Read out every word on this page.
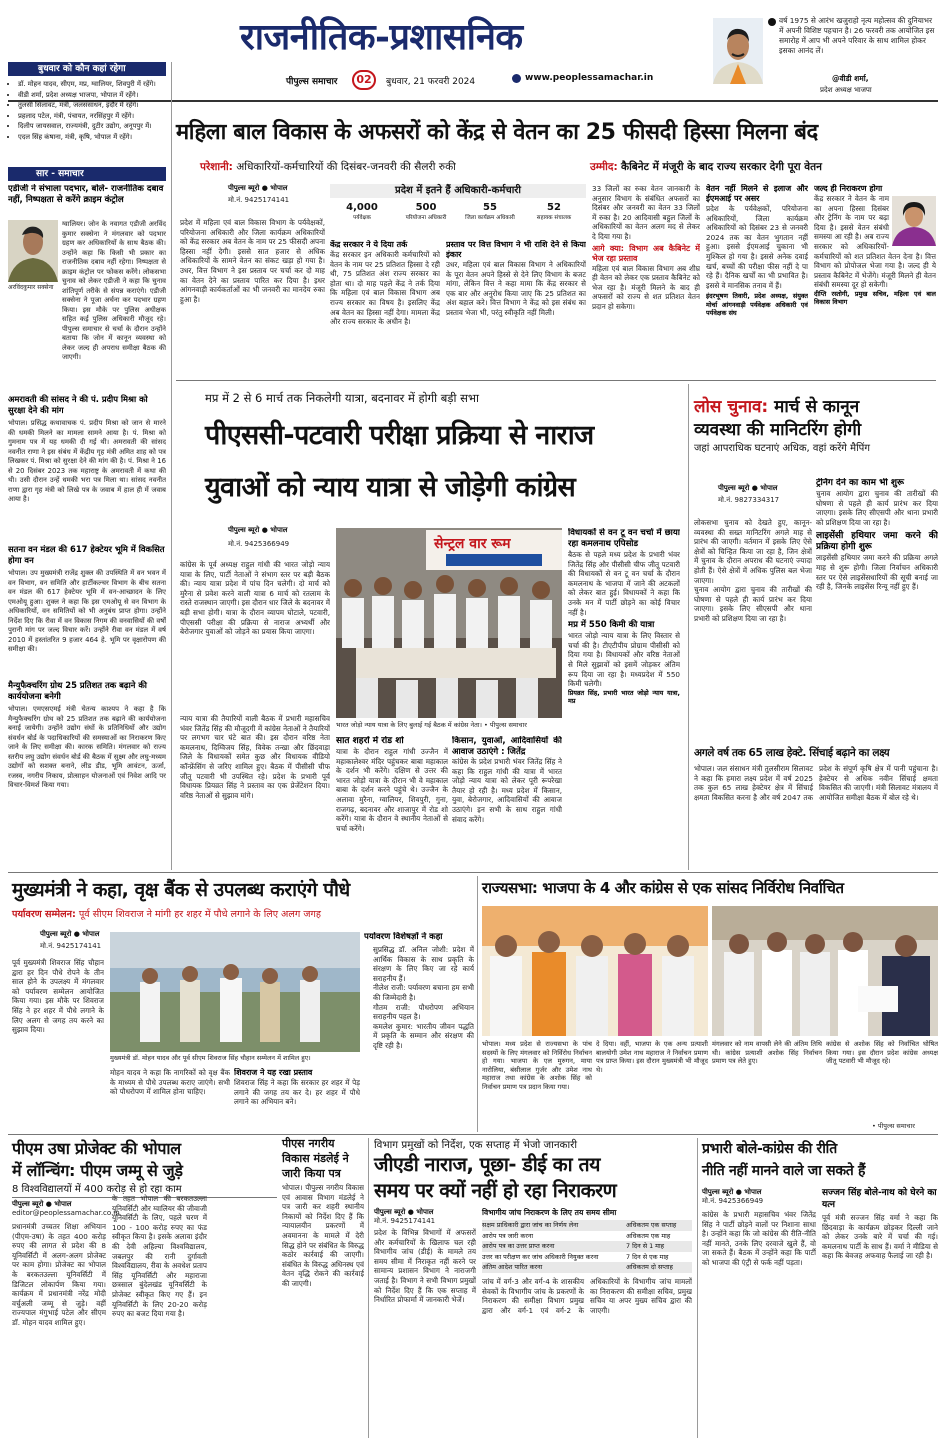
राजनीतिक-प्रशासनिक
पीपुल्स समाचार	02	बुधवार, 21 फरवरी 2024	www.peoplessamachar.in
वर्ष 1975 से आरंभ खजुराहो नृत्य महोत्सव की दुनियाभर में अपनी विशिष्ट पहचान है। 26 फरवरी तक आयोजित इस समारोह में आप भी अपने परिवार के साथ शामिल होकर इसका आनंद लें।
@वीडी शर्मा,
प्रदेश अध्यक्ष भाजपा
बुधवार को कौन कहां रहेगा
• डॉ. मोहन यादव, सीएम, मप्र, ग्वालियर, शिवपुरी में रहेंगे।
• वीडी शर्मा, प्रदेश अध्यक्ष भाजपा, भोपाल में रहेंगे।
• तुलसी सिलावट, मंत्री, जलसंसाधन, इंदौर में रहेंगे।
• प्रहलाद पटेल, मंत्री, पंचायत, नरसिंहपुर में रहेंगे।
• दिलीप जायसवाल, राज्यमंत्री, दुटीर उद्योग, अनूपपुर में।
• एदल सिंह कंषाना, मंत्री, कृषि, भोपाल में रहेंगे।
सार - समाचार
एडीजी ने संभाला पदभार, बोले- राजनीतिक दबाव नहीं, निष्पक्षता से करेंगे क्राइम कंट्रोल
अरविंदकुमार सक्सेना
ग्वालियर। जोन के नवागत एडीजी अरविंद कुमार सक्सेना ने मंगलवार को पदभार ग्रहण कर अधिकारियों के साथ बैठक की। उन्होंने कहा कि किसी भी प्रकार का राजनीतिक दबाव नहीं रहेगा। निष्पक्षता से क्राइम कंट्रोल पर फोकस करेंगे। लोकसभा चुनाव को लेकर एडीजी ने कहा कि चुनाव शांतिपूर्ण तरीके से संपन्न कराएंगे। एडीजी सक्सेना ने पूजा अर्चना कर पदभार ग्रहण किया। इस मौके पर पुलिस अधीक्षक सहित कई पुलिस अधिकारी मौजूद रहे। पीपुल्स समाचार से चर्चा के दौरान उन्होंने बताया कि जोन में कानून व्यवस्था को लेकर जल्द ही अपराध समीक्षा बैठक की जाएगी।
अमरावती की सांसद ने की पं. प्रदीप मिश्रा को सुरक्षा देने की मांग
भोपाल। प्रसिद्ध कथावाचक पं. प्रदीप मिश्रा को जान से मारने की धमकी मिलने का मामला सामने आया है। पं. मिश्रा को गुमनाम पत्र में यह धमकी दी गई थी। अमरावती की सांसद नवनीत राणा ने इस संबंध में केंद्रीय गृह मंत्री अमित शाह को पत्र लिखकर पं. मिश्रा को सुरक्षा देने की मांग की है। पं. मिश्रा ने 16 से 20 दिसंबर 2023 तक महाराष्ट्र के अमरावती में कथा की थी। उसी दौरान उन्हें धमकी भरा पत्र मिला था। सांसद नवनीत राणा द्वारा गृह मंत्री को लिखे पत्र के जवाब में हाल ही में जवाब आया है।
सतना वन मंडल की 617 हेक्टेयर भूमि में विकसित होगा वन
भोपाल। उप मुख्यमंत्री राजेंद्र शुक्ल की उपस्थिति में वन भवन में वन विभाग, वन समिति और हार्टीकल्चर विभाग के बीच सतना वन मंडल की 617 हेक्टेयर भूमि में वन-आच्छादन के लिए एमओयू हुआ। शुक्ल ने कहा कि इस एमओयू से वन विभाग के अधिकारियों, वन समितियों को भी अनुबंध प्राप्त होगा। उन्होंने निर्देश दिए कि रीवा में वन विकास निगम की वनवासियों की वर्षों पुरानी मांग पर जल्द विचार करें। उन्होंने रीवा वन मंडल में वर्ष 2010 में हस्तांतरित 9 हजार 464 हे. भूमि पर वृक्षारोपण की समीक्षा की।
मैन्युफैक्चरिंग ग्रोथ 25 प्रतिशत तक बढ़ाने की कार्ययोजना बनेगी
भोपाल। एमएसएमई मंत्री चेतन्य काश्यप ने कहा है कि मैन्युफैक्चरिंग ग्रोथ को 25 प्रतिशत तक बढ़ाने की कार्ययोजना बनाई जायेगी। उन्होंने उद्योग संघों के प्रतिनिधियों और उद्योग संवर्धन बोर्ड के पदाधिकारियों की समस्याओं का निराकरण किए जाने के लिए समीक्षा की। कारक समिति। मंगलवार को राज्य स्तरीय लघु उद्योग संवर्धन बोर्ड की बैठक में सुक्ष्म और लघु-मध्यम उद्योगों को सशक्त बनाने, लीड डीड, भूमि आवंटन, ऊर्जा, रजस्व, नगरीय निकाय, प्रोत्साहन योजनाओं एवं निवेश आदि पर विचार-विमर्श किया गया।
महिला बाल विकास के अफसरों को केंद्र से वेतन का 25 फीसदी हिस्सा मिलना बंद
परेशानी: अधिकारियों-कर्मचारियों की दिसंबर-जनवरी की सैलरी रुकी	उम्मीद: कैबिनेट में मंजूरी के बाद राज्य सरकार देगी पूरा वेतन
पीपुल्स ब्यूरो ● भोपाल
मो.नं. 9425174141
प्रदेश में महिला एवं बाल विकास विभाग के पर्यवेक्षकों, परियोजना अधिकारी और जिला कार्यक्रम अधिकारियों को केंद्र सरकार अब वेतन के नाम पर 25 फीसदी अपना हिस्सा नहीं देगी। इससे सात हजार से अधिक अधिकारियों के सामने वेतन का संकट खड़ा हो गया है। उधर, वित्त विभाग ने इस प्रस्ताव पर चर्चा कर दो माह का वेतन देने का प्रस्ताव पारित कर दिया है। इधर आंगनवाड़ी कार्यकर्ताओं का भी जनवरी का मानदेय रुका हुआ है।
प्रदेश में इतने हैं अधिकारी-कर्मचारी
4,000
पर्यवेक्षक
500
परियोजना अधिकारी
55
जिला कार्यक्रम अधिकारी
52
सहायक संचालक
केंद्र सरकार ने ये दिया तर्क
केंद्र सरकार इन अधिकारी कर्मचारियों को वेतन के नाम पर 25 प्रतिशत हिस्सा दे रही थी, 75 प्रतिशत अंश राज्य सरकार का होता था। दो माह पहले केंद्र ने तर्क दिया कि महिला एवं बाल विकास विभाग अब राज्य सरकार का विषय है। इसलिए केंद्र अब वेतन का हिस्सा नहीं देगा। मामला केंद्र और राज्य सरकार के अधीन है।
प्रस्ताव पर वित्त विभाग ने भी राशि देने से किया इंकार
उधर, महिला एवं बाल विकास विभाग ने अधिकारियों के पूरा वेतन अपने हिस्से से देने लिए विभाग के बजट मांगा, लेकिन वित्त ने कहा मामा कि केंद्र सरकार से एक बार और अनुरोध किया जाए कि 25 प्रतिशत का अंश बहाल करे। वित्त विभाग ने केंद्र को इस संबंध का प्रस्ताव भेजा भी, परंतु स्वीकृति नहीं मिली।
33 जिलों का रुका वेतन जानकारी के अनुसार विभाग के संबंधित अफसरों का दिसंबर और जनवरी का वेतन 33 जिलों में रुका है। 20 आदिवासी बहुल जिलों के अधिकारियों का वेतन अलग मद से लेकर दे दिया गया है।
आगे क्या: विभाग अब कैबिनेट में भेज रहा प्रस्ताव
महिला एवं बाल विकास विभाग अब शीघ्र ही वेतन को लेकर एक प्रस्ताव कैबिनेट को भेज रहा है। मंजूरी मिलने के बाद ही अफसरों को राज्य से शत प्रतिशत वेतन प्रदान हो सकेगा।
वेतन नहीं मिलने से इलाज और ईएमआई पर असर
प्रदेश के पर्यवेक्षकों, परियोजना अधिकारियों, जिला कार्यक्रम अधिकारियों को दिसंबर 23 से जनवरी 2024 तक का वेतन भुगतान नहीं हुआ। इससे ईएमआई चुकाना भी मुश्किल हो गया है। इससे अनेक दवाई खर्च, बच्चों की परीक्षा फीस नहीं दे पा रहे हैं। दैनिक खर्चों का भी प्रभावित है। इससे वे मानसिक तनाव में हैं।
इंदरभूषण तिवारी, प्रदेश अध्यक्ष, संयुक्त मोर्चा आंगनवाड़ी पर्यवेक्षक अधिकारी एवं पर्यवेक्षक संघ
जल्द ही निराकरण होगा
केंद्र सरकार ने वेतन के नाम का अपना हिस्सा दिसंबर और ट्रेनिंग के नाम पर बढ़ा दिया है। इससे वेतन संबंधी समस्या आ रही है। अब राज्य सरकार को अधिकारियों-कर्मचारियों को शत प्रतिशत वेतन देना है। वित्त विभाग को प्रोपोजल भेजा गया है। जल्द ही ये प्रस्ताव कैबिनेट में भेजेंगे। मंजूरी मिलने ही वेतन संबंधी समस्या दूर हो सकेगी।
दीप्ति रस्तोगी, प्रमुख सचिव, महिला एवं बाल विकास विभाग
मप्र में 2 से 6 मार्च तक निकलेगी यात्रा, बदनावर में होगी बड़ी सभा
पीएससी-पटवारी परीक्षा प्रक्रिया से नाराज
युवाओं को न्याय यात्रा से जोड़ेगी कांग्रेस
पीपुल्स ब्यूरो ● भोपाल
मो.नं. 9425366949
कांग्रेस के पूर्व अध्यक्ष राहुल गांधी की भारत जोड़ो न्याय यात्रा के लिए, पार्टी नेताओं ने संभाग स्तर पर बड़ी बैठक की। न्याय यात्रा प्रदेश में पांच दिन चलेगी। दो मार्च को मुरैना से प्रवेश करने वाली यात्रा 6 मार्च को रतलाम के रास्ते राजस्थान जाएगी। इस दौरान धार जिले के बदनावर में बड़ी सभा होगी। यात्रा के दौरान व्यापम घोटाले, पटवारी, पीएससी परीक्षा की प्रक्रिया से नाराज अभ्यर्थी और बेरोजगार युवाओं को जोड़ने का प्रयास किया जाएगा।
न्याय यात्रा की तैयारियों वाली बैठक में प्रभारी महासचिव भंवर जितेंद्र सिंह की मौजूदगी में कांग्रेस नेताओं ने तैयारियों पर लगभग चार घंटे बात की। इस दौरान वरिष्ठ नेता कमलनाथ, दिग्विजय सिंह, विवेक तन्खा और छिंदवाड़ा जिले के विधायकों समेत कुछ और विधायक वीडियो कॉन्फ्रेंसिंग से जरिए शामिल हुए। बैठक में पीसीसी चीफ जीतू पटवारी भी उपस्थित रहे। प्रदेश के प्रभारी पूर्व विधायक प्रियव्रत सिंह ने प्रस्ताव का एक प्रेजेंटेशन दिया। वरिष्ठ नेताओं से सुझाव मांगे।
सेन्ट्रल वार रूम
भारत जोड़ो न्याय यात्रा के लिए बुलाई गई बैठक में कांग्रेस नेता। • पीपुल्स समाचार
सात शहरों में रोड शो
यात्रा के दौरान राहुल गांधी उज्जैन में महाकालेश्वर मंदिर पहुंचकर बाबा महाकाल के दर्शन भी करेंगे। दक्षिण से उत्तर की भारत जोड़ो यात्रा के दौरान भी वे महाकाल बाबा के दर्शन करने पहुंचे थे। उज्जैन के अलावा मुरैना, ग्वालियर, शिवपुरी, गुना, राजगढ़, बदनावर और शाजापुर में रोड शो करेंगे। यात्रा के दौरान वे स्थानीय नेताओं से चर्चा करेंगे।
किसान, युवाओं, आदिवासियों की आवाज उठाएंगे : जितेंद्र
कांग्रेस के प्रदेश प्रभारी भंवर जितेंद्र सिंह ने कहा कि राहुल गांधी की यात्रा में भारत जोड़ो न्याय यात्रा को लेकर पूरी रूपरेखा तैयार हो रही है। मध्य प्रदेश में किसान, युवा, बेरोजगार, आदिवासियों की आवाज उठाएंगे। इन सभी के साथ राहुल गांधी संवाद करेंगे।
विधायकों से वन टू वन चर्चा में छाया रहा कमलनाथ एपिसोड
बैठक से पहले मध्य प्रदेश के प्रभारी भंवर जितेंद्र सिंह और पीसीसी चीफ जीतू पटवारी की विधायकों से वन टू वन चर्चा के दौरान कमलनाथ के भाजपा में जाने की अटकलों को लेकर बात हुई। विधायकों ने कहा कि उनके मन में पार्टी छोड़ने का कोई विचार नहीं है।
मप्र में 550 किमी की यात्रा
भारत जोड़ो न्याय यात्रा के लिए विस्तार से चर्चा की है। टीएटीपीय प्रोग्राम पीसीसी को दिया गया है। विधायकों और वरिष्ठ नेताओं से मिले सुझावों को इसमें जोड़कर अंतिम रूप दिया जा रहा है। मध्यप्रदेश में 550 किमी चलेगी।
प्रियव्रत सिंह, प्रभारी भारत जोड़ो न्याय यात्रा, मप्र
लोस चुनाव: मार्च से कानून
व्यवस्था की मानिटरिंग होगी
जहां आपराधिक घटनाएं अधिक, वहां करेंगे मैपिंग
पीपुल्स ब्यूरो ● भोपाल
मो.नं. 9827334317
लोकसभा चुनाव को देखते हुए, कानून-व्यवस्था की सख्त मानिटरिंग अगले माह से प्रारंभ की जाएगी। वर्तमान में इसके लिए ऐसे क्षेत्रों को चिन्हित किया जा रहा है, जिन क्षेत्रों में चुनाव के दौरान अपराध की घटनाएं ज्यादा होती हैं। ऐसे क्षेत्रों में अधिक पुलिस बल भेजा जाएगा।
चुनाव आयोग द्वारा चुनाव की तारीखों की घोषणा से पहले ही कार्य प्रारंभ कर दिया जाएगा। इसके लिए सीएसपी और थाना प्रभारी को प्रशिक्षण दिया जा रहा है।
ट्रेनिंग देने का काम भी शुरू
चुनाव आयोग द्वारा चुनाव की तारीखों की घोषणा से पहले ही कार्य प्रारंभ कर दिया जाएगा। इसके लिए सीएसपी और थाना प्रभारी को प्रशिक्षण दिया जा रहा है।
लाइसेंसी हथियार जमा करने की प्रक्रिया होगी शुरू
लाइसेंसी हथियार जमा करने की प्रक्रिया अगले माह से शुरू होगी। जिला निर्वाचन अधिकारी स्तर पर ऐसे लाइसेंसधारियों की सूची बनाई जा रही है, जिनके लाइसेंस रिन्यू नहीं हुए हैं।
अगले वर्ष तक 65 लाख हेक्टे. सिंचाई बढ़ाने का लक्ष्य
भोपाल। जल संसाधन मंत्री तुलसीराम सिलावट ने कहा कि हमारा लक्ष्य प्रदेश में वर्ष 2025 तक कुल 65 लाख हेक्टेयर क्षेत्र में सिंचाई क्षमता विकसित करना है और वर्ष 2047 तक प्रदेश के संपूर्ण कृषि क्षेत्र में पानी पहुंचाना है। हेक्टेयर से अधिक नवीन सिंचाई क्षमता विकसित की जाएगी। मंत्री सिलावट मंत्रालय में आयोजित समीक्षा बैठक में बोल रहे थे।
मुख्यमंत्री ने कहा, वृक्ष बैंक से उपलब्ध कराएंगे पौधे
पर्यावरण सम्मेलन: पूर्व सीएम शिवराज ने मांगी हर शहर में पौधे लगाने के लिए अलग जगह
पीपुल्स ब्यूरो ● भोपाल
मो.नं. 9425174141
पूर्व मुख्यमंत्री शिवराज सिंह चौहान द्वारा हर दिन पौधे रोपने के तीन साल होने के उपलक्ष्य में मंगलवार को पर्यावरण सम्मेलन आयोजित किया गया। इस मौके पर शिवराज सिंह ने हर शहर में पौधे लगाने के लिए अलग से जगह तय करने का सुझाव दिया।
मुख्यमंत्री डॉ. मोहन यादव और पूर्व सीएम शिवराज सिंह चौहान सम्मेलन में शामिल हुए।
मोहन यादव ने कहा कि नागरिकों को वृक्ष बैंक के माध्यम से पौधे उपलब्ध कराए जाएंगे। सभी को पौधरोपण में शामिल होना चाहिए।
शिवराज ने यह रखा प्रस्ताव
शिवराज सिंह ने कहा कि सरकार हर शहर में पेड़ लगाने की जगह तय कर दे। हर शहर में पौधे लगाने का अभियान बने।
पर्यावरण विशेषज्ञों ने कहा
• सुप्रसिद्ध डॉ. अनिल जोशी: प्रदेश में आर्थिक विकास के साथ प्रकृति के संरक्षण के लिए किए जा रहे कार्य सराहनीय हैं।
• नीलेश राजी: पर्यावरण बचाना हम सभी की जिम्मेदारी है।
• गौतम राजी: पौधरोपण अभियान सराहनीय पहल है।
• कमलेश कुमार: भारतीय जीवन पद्धति में प्रकृति के सम्मान और संरक्षण की दृष्टि रही है।
राज्यसभा: भाजपा के 4 और कांग्रेस से एक सांसद निर्विरोध निर्वाचित
भोपाल। मध्य प्रदेश से राज्यसभा के पांच सदस्यों के लिए मंगलवार को निर्विरोध निर्वाचन हो गया। भाजपा के एल मुरुगन, माया नारोलिया, बंसीलाल गुर्जर और उमेश नाथ महाराज तथा कांग्रेस के अशोक सिंह को निर्वाचन प्रमाण पत्र प्रदान किया गया।
दे दिया। वहीं, भाजपा के एक अन्य प्रत्याशी बालयोगी उमेश नाथ महाराज ने निर्वाचन प्रमाण पत्र प्राप्त किया। इस दौरान मुख्यमंत्री भी मौजूद थे।
मंगलवार को नाम वापसी लेने की अंतिम तिथि थी। कांग्रेस प्रत्याशी अशोक सिंह निर्वाचन प्रमाण पत्र लेते हुए।
कांग्रेस से अशोक सिंह को निर्वाचित घोषित किया गया। इस दौरान प्रदेश कांग्रेस अध्यक्ष जीतू पटवारी भी मौजूद रहे।
• पीपुल्स समाचार
पीएम उषा प्रोजेक्ट की भोपाल
में लॉन्चिंग: पीएम जम्मू से जुड़े
8 विश्वविद्यालयों में 400 करोड़ से हो रहा काम
पीपुल्स ब्यूरो ● भोपाल
editor@peoplessamachar.co.in
प्रधानमंत्री उच्चतर शिक्षा अभियान (पीएम-उषा) के तहत 400 करोड़ रुपए की लागत से प्रदेश की 8 यूनिवर्सिटी में अलग-अलग प्रोजेक्ट पर काम होगा। प्रोजेक्ट का भोपाल के बरकतउल्ला यूनिवर्सिटी में डिजिटल लोकार्पण किया गया। कार्यक्रम में प्रधानमंत्री नरेंद्र मोदी वर्चुअली जम्मू से जुड़े। वहीं राज्यपाल मंगुभाई पटेल और सीएम डॉ. मोहन यादव शामिल हुए।
के तहत भोपाल की बरकतउल्ला यूनिवर्सिटी और ग्वालियर की जीवाजी यूनिवर्सिटी के लिए, पहले चरण में 100 - 100 करोड़ रुपए का फंड स्वीकृत किया है। इसके अलावा इंदौर की देवी अहिल्या विश्वविद्यालय, जबलपुर की रानी दुर्गावती विश्वविद्यालय, रीवा के अवधेश प्रताप सिंह यूनिवर्सिटी और महाराजा छत्रसाल बुंदेलखंड यूनिवर्सिटी के प्रोजेक्ट स्वीकृत किए गए हैं। इन यूनिवर्सिटी के लिए 20-20 करोड़ रुपए का बजट दिया गया है।
पीएस नगरीय विकास मंडलेई ने जारी किया पत्र
भोपाल। पीपुल्स नगरीय विकास एवं आवास विभाग मंडलेई ने पत्र जारी कर शहरी स्थानीय निकायों को निर्देश दिए हैं कि न्यायालयीन प्रकरणों में अवमानना के मामले में देरी सिद्ध होने पर संबंधित के विरुद्ध कठोर कार्रवाई की जाएगी। संबंधित के विरुद्ध अधिनस्थ एवं वेतन वृद्धि रोकने की कार्रवाई की जाएगी।
विभाग प्रमुखों को निर्देश, एक सप्ताह में भेजो जानकारी
जीएडी नाराज, पूछा- डीई का तय
समय पर क्यों नहीं हो रहा निराकरण
पीपुल्स ब्यूरो ● भोपाल
मो.नं. 9425174141
प्रदेश के विभिन्न विभागों में अफसरों और कर्मचारियों के खिलाफ चल रही विभागीय जांच (डीई) के मामले तय समय सीमा में निराकृत नहीं करने पर सामान्य प्रशासन विभाग ने नाराजगी जताई है। विभाग ने सभी विभाग प्रमुखों को निर्देश दिए हैं कि एक सप्ताह में निर्धारित प्रोफार्मा में जानकारी भेजें।
विभागीय जांच निराकरण के लिए तय समय सीमा
सक्षम प्राधिकारी द्वारा जांच का निर्णय लेना	अधिकतम एक सप्ताह
आरोप पत्र जारी करना	अधिकतम एक माह
आरोप पत्र का उत्तर प्राप्त करना	7 दिन से 1 माह
उत्तर का परीक्षण कर जांच अधिकारी नियुक्त करना	7 दिन से एक माह
अंतिम आदेश पारित करना	अधिकतम दो सप्ताह
जांच में वर्ग-3 और वर्ग-4 के शासकीय सेवकों के विभागीय जांच के प्रकरणों के निराकरण की समीक्षा विभाग प्रमुख द्वारा और वर्ग-1 एवं वर्ग-2 के अधिकारियों के विभागीय जांच मामलों का निराकरण की समीक्षा सचिव, प्रमुख सचिव या अपर मुख्य सचिव द्वारा की जाएगी।
प्रभारी बोले-कांग्रेस की रीति
नीति नहीं मानने वाले जा सकते हैं
पीपुल्स ब्यूरो ● भोपाल
मो.नं. 9425366949
कांग्रेस के प्रभारी महासचिव भंवर जितेंद्र सिंह ने पार्टी छोड़ने वालों पर निशाना साधा है। उन्होंने कहा कि जो कांग्रेस की रीति-नीति नहीं मानते, उनके लिए दरवाजे खुले हैं, वो जा सकते हैं। बैठक में उन्होंने कहा कि पार्टी को भाजपा की एंट्री से फर्क नहीं पड़ता।
सज्जन सिंह बोले-नाथ को घेरने का यत्न
पूर्व मंत्री सज्जन सिंह वर्मा ने कहा कि छिंदवाड़ा के कार्यक्रम छोड़कर दिल्ली जाने को लेकर उनके बारे में चर्चा की गई। कमलनाथ पार्टी के साथ हैं। वर्मा ने मीडिया से कहा कि बेवजह अफवाह फैलाई जा रही है।
